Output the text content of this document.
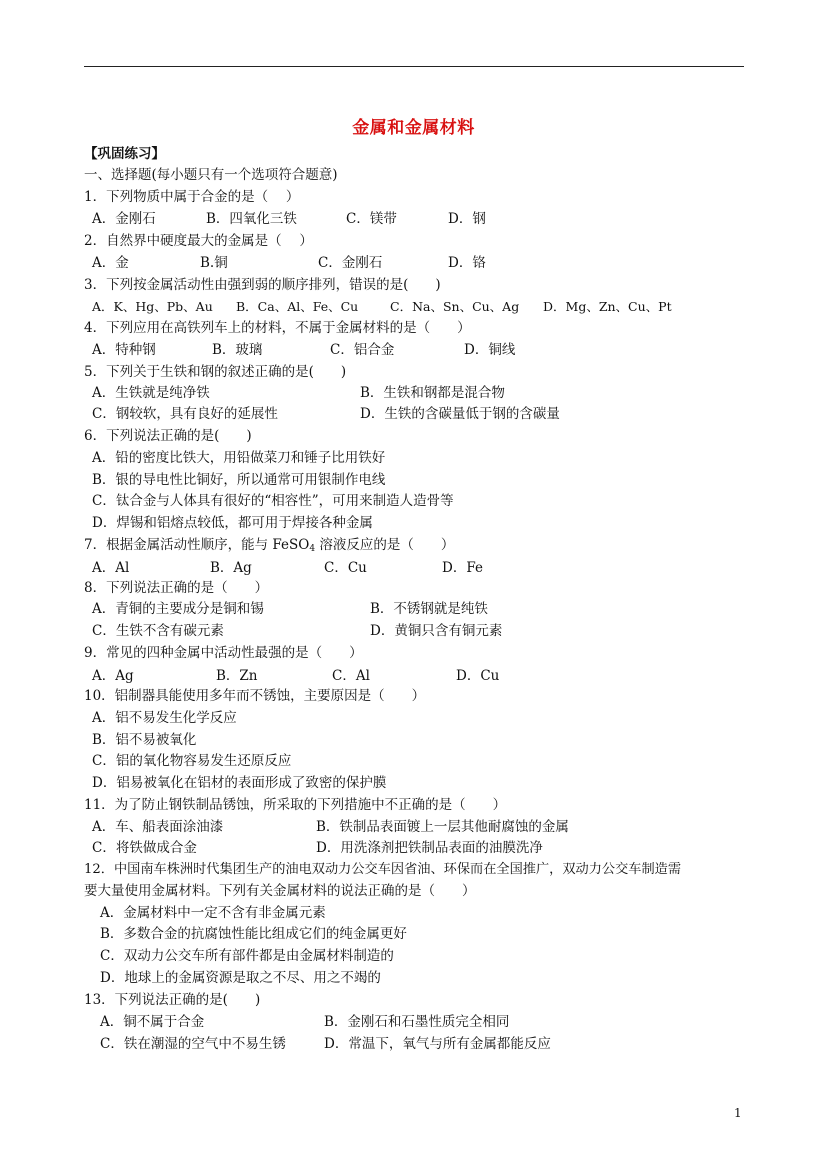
金属和金属材料
【巩固练习】
一、选择题(每小题只有一个选项符合题意)
1．下列物质中属于合金的是（　 ）
A．金刚石	B．四氧化三铁	C．镁带	D．钢
2．自然界中硬度最大的金属是（　 ）
A．金	B.铜	C．金刚石	D．铬
3．下列按金属活动性由强到弱的顺序排列，错误的是(　　)
A．K、Hg、Pb、Au B．Ca、Al、Fe、Cu	C．Na、Sn、Cu、Ag D．Mg、Zn、Cu、Pt
4．下列应用在高铁列车上的材料，不属于金属材料的是（　　）
A．特种钢	B．玻璃	C．铝合金	D．铜线
5．下列关于生铁和钢的叙述正确的是(　　)
A．生铁就是纯净铁	B．生铁和钢都是混合物
C．钢较软，具有良好的延展性	D．生铁的含碳量低于钢的含碳量
6．下列说法正确的是(　　)
A．铅的密度比铁大，用铅做菜刀和锤子比用铁好
B．银的导电性比铜好，所以通常可用银制作电线
C．钛合金与人体具有很好的“相容性”，可用来制造人造骨等
D．焊锡和铝熔点较低，都可用于焊接各种金属
7．根据金属活动性顺序，能与 FeSO$_4$ 溶液反应的是（　　）
A．Al	B．Ag	C．Cu	D．Fe
8．下列说法正确的是（　　）
A．青铜的主要成分是铜和锡	B．不锈钢就是纯铁
C．生铁不含有碳元素	D．黄铜只含有铜元素
9．常见的四种金属中活动性最强的是（　　）
A．Ag	B．Zn	C．Al	D．Cu
10．铝制器具能使用多年而不锈蚀，主要原因是（　　）
A．铝不易发生化学反应
B．铝不易被氧化
C．铝的氧化物容易发生还原反应
D．铝易被氧化在铝材的表面形成了致密的保护膜
11．为了防止钢铁制品锈蚀，所采取的下列措施中不正确的是（　　）
A．车、船表面涂油漆	B．铁制品表面镀上一层其他耐腐蚀的金属
C．将铁做成合金	D．用洗涤剂把铁制品表面的油膜洗净
12．中国南车株洲时代集团生产的油电双动力公交车因省油、环保而在全国推广，双动力公交车制造需
要大量使用金属材料。下列有关金属材料的说法正确的是（　　）
A．金属材料中一定不含有非金属元素
B．多数合金的抗腐蚀性能比组成它们的纯金属更好
C．双动力公交车所有部件都是由金属材料制造的
D．地球上的金属资源是取之不尽、用之不竭的
13．下列说法正确的是(　　)
A．铜不属于合金	B．金刚石和石墨性质完全相同
C．铁在潮湿的空气中不易生锈	D．常温下，氧气与所有金属都能反应
1
